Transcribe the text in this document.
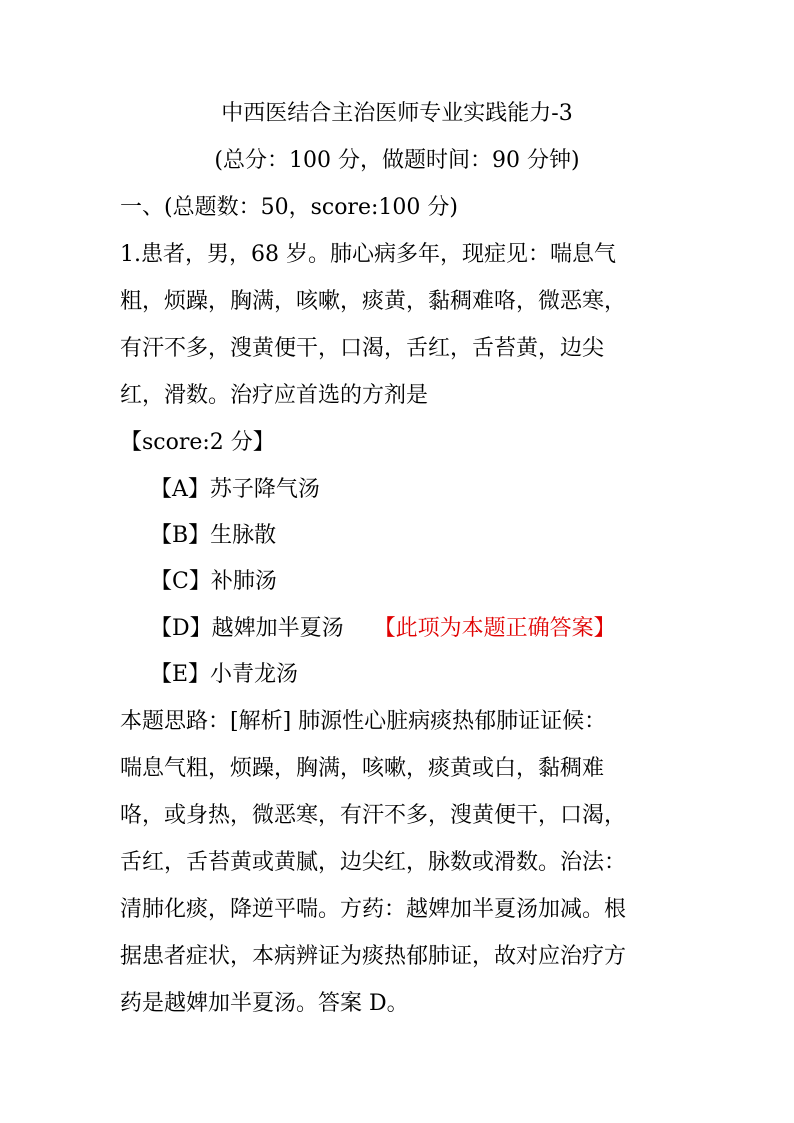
中西医结合主治医师专业实践能力-3
(总分：100 分，做题时间：90 分钟)
一、(总题数：50，score:100 分)
1.患者，男，68 岁。肺心病多年，现症见：喘息气
粗，烦躁，胸满，咳嗽，痰黄，黏稠难咯，微恶寒，
有汗不多，溲黄便干，口渴，舌红，舌苔黄，边尖
红，滑数。治疗应首选的方剂是
【score:2 分】
【A】苏子降气汤
【B】生脉散
【C】补肺汤
【D】越婢加半夏汤 【此项为本题正确答案】
【E】小青龙汤
本题思路：[解析] 肺源性心脏病痰热郁肺证证候：
喘息气粗，烦躁，胸满，咳嗽，痰黄或白，黏稠难
咯，或身热，微恶寒，有汗不多，溲黄便干，口渴，
舌红，舌苔黄或黄腻，边尖红，脉数或滑数。治法：
清肺化痰，降逆平喘。方药：越婢加半夏汤加减。根
据患者症状，本病辨证为痰热郁肺证，故对应治疗方
药是越婢加半夏汤。答案 D。
